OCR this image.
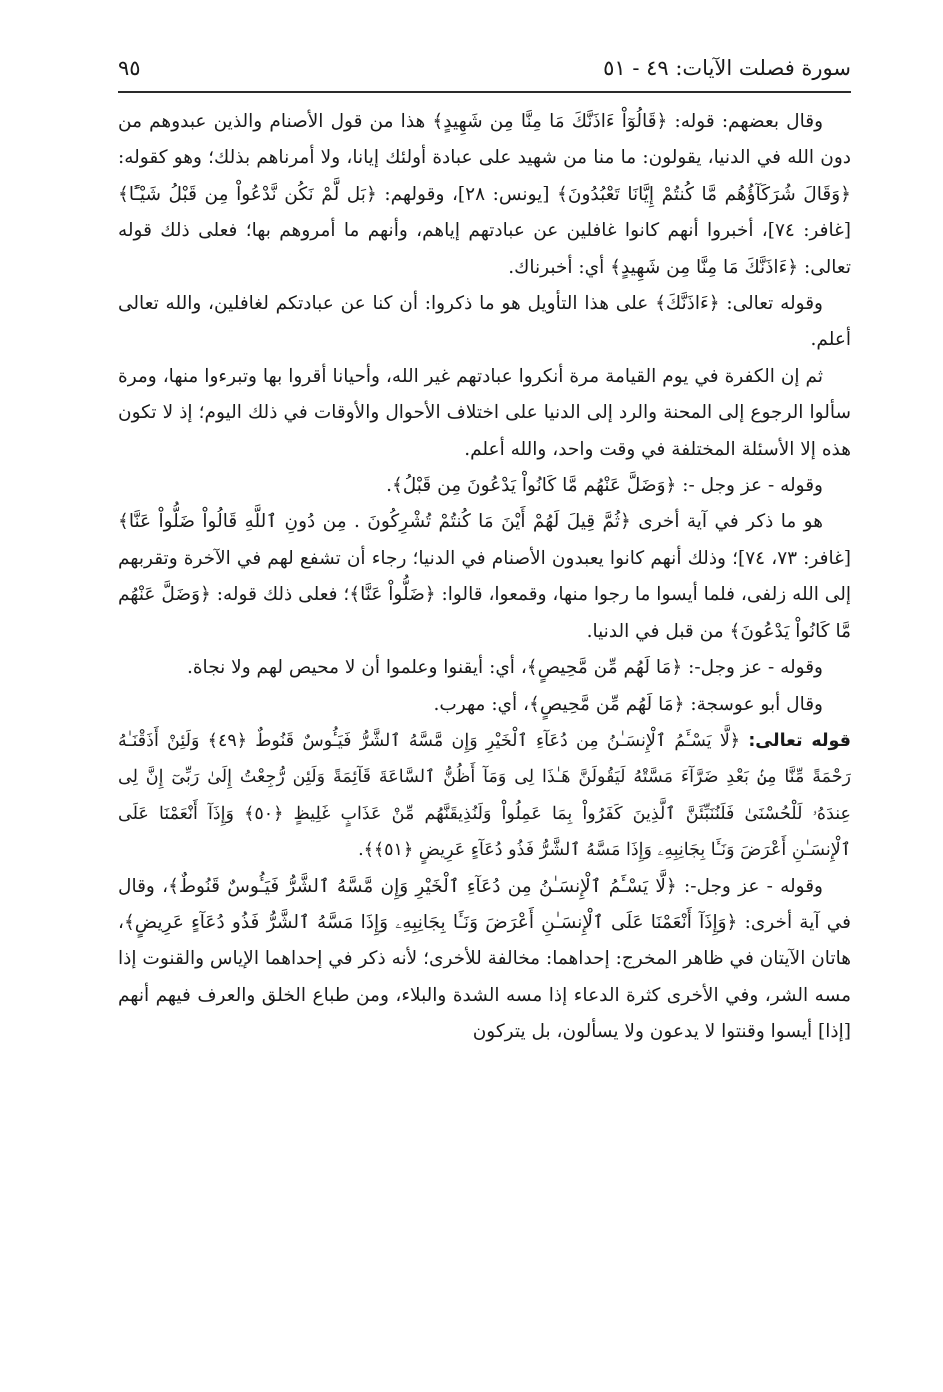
سورة فصلت الآيات: ٤٩ - ٥١
٩٥

وقال بعضهم: قوله: ﴿قَالُوٓاْ ءَاذَنَّكَ مَا مِنَّا مِن شَهِيدٍ﴾ هذا من قول الأصنام والذين عبدوهم من دون الله في الدنيا، يقولون: ما منا من شهيد على عبادة أولئك إيانا، ولا أمرناهم بذلك؛ وهو كقوله: ﴿وَقَالَ شُرَكَآؤُهُم مَّا كُنتُمْ إِيَّانَا تَعْبُدُونَ﴾ [يونس: ٢٨]، وقولهم: ﴿بَل لَّمْ نَكُن نَّدْعُواْ مِن قَبْلُ شَيْـًٔا﴾ [غافر: ٧٤]، أخبروا أنهم كانوا غافلين عن عبادتهم إياهم، وأنهم ما أمروهم بها؛ فعلى ذلك قوله تعالى: ﴿ءَاذَنَّكَ مَا مِنَّا مِن شَهِيدٍ﴾ أي: أخبرناك.

وقوله تعالى: ﴿ءَاذَنَّكَ﴾ على هذا التأويل هو ما ذكروا: أن كنا عن عبادتكم لغافلين، والله تعالى أعلم.

ثم إن الكفرة في يوم القيامة مرة أنكروا عبادتهم غير الله، وأحيانا أقروا بها وتبرءوا منها، ومرة سألوا الرجوع إلى المحنة والرد إلى الدنيا على اختلاف الأحوال والأوقات في ذلك اليوم؛ إذ لا تكون هذه إلا الأسئلة المختلفة في وقت واحد، والله أعلم.

وقوله - عز وجل -: ﴿وَضَلَّ عَنْهُم مَّا كَانُواْ يَدْعُونَ مِن قَبْلُ﴾.

هو ما ذكر في آية أخرى ﴿ثُمَّ قِيلَ لَهُمْ أَيْنَ مَا كُنتُمْ تُشْرِكُونَ . مِن دُونِ ٱللَّهِ قَالُواْ ضَلُّواْ عَنَّا﴾ [غافر: ٧٣، ٧٤]؛ وذلك أنهم كانوا يعبدون الأصنام في الدنيا؛ رجاء أن تشفع لهم في الآخرة وتقربهم إلى الله زلفى، فلما أيسوا ما رجوا منها، وقمعوا، قالوا: ﴿ضَلُّواْ عَنَّا﴾؛ فعلى ذلك قوله: ﴿وَضَلَّ عَنْهُم مَّا كَانُواْ يَدْعُونَ﴾ من قبل في الدنيا.

وقوله - عز وجل-: ﴿مَا لَهُم مِّن مَّحِيصٍ﴾، أي: أيقنوا وعلموا أن لا محيص لهم ولا نجاة.

وقال أبو عوسجة: ﴿مَا لَهُم مِّن مَّحِيصٍ﴾، أي: مهرب.

قوله تعالى: ﴿لَّا يَسْـَٔمُ ٱلْإِنسَـٰنُ مِن دُعَآءِ ٱلْخَيْرِ وَإِن مَّسَّهُ ٱلشَّرُّ فَيَـُٔوسٌ قَنُوطٌ ﴿٤٩﴾ وَلَئِنْ أَذَقْنَـٰهُ رَحْمَةً مِّنَّا مِنۢ بَعْدِ ضَرَّآءَ مَسَّتْهُ لَيَقُولَنَّ هَـٰذَا لِى وَمَآ أَظُنُّ ٱلسَّاعَةَ قَآئِمَةً وَلَئِن رُّجِعْتُ إِلَىٰ رَبِّىٓ إِنَّ لِى عِندَهُۥ لَلْحُسْنَىٰ فَلَنُنَبِّئَنَّ ٱلَّذِينَ كَفَرُواْ بِمَا عَمِلُواْ وَلَنُذِيقَنَّهُم مِّنْ عَذَابٍ غَلِيظٍ ﴿٥٠﴾ وَإِذَآ أَنْعَمْنَا عَلَى ٱلْإِنسَـٰنِ أَعْرَضَ وَنَـَٔا بِجَانِبِهِۦ وَإِذَا مَسَّهُ ٱلشَّرُّ فَذُو دُعَآءٍ عَرِيضٍ ﴿٥١﴾﴾.

وقوله - عز وجل-: ﴿لَّا يَسْـَٔمُ ٱلْإِنسَـٰنُ مِن دُعَآءِ ٱلْخَيْرِ وَإِن مَّسَّهُ ٱلشَّرُّ فَيَـُٔوسٌ قَنُوطٌ﴾، وقال في آية أخرى: ﴿وَإِذَآ أَنْعَمْنَا عَلَى ٱلْإِنسَـٰنِ أَعْرَضَ وَنَـَٔا بِجَانِبِهِۦ وَإِذَا مَسَّهُ ٱلشَّرُّ فَذُو دُعَآءٍ عَرِيضٍ﴾، هاتان الآيتان في ظاهر المخرج: إحداهما: مخالفة للأخرى؛ لأنه ذكر في إحداهما الإياس والقنوت إذا مسه الشر، وفي الأخرى كثرة الدعاء إذا مسه الشدة والبلاء، ومن طباع الخلق والعرف فيهم أنهم [إذا] أيسوا وقنتوا لا يدعون ولا يسألون، بل يتركون
